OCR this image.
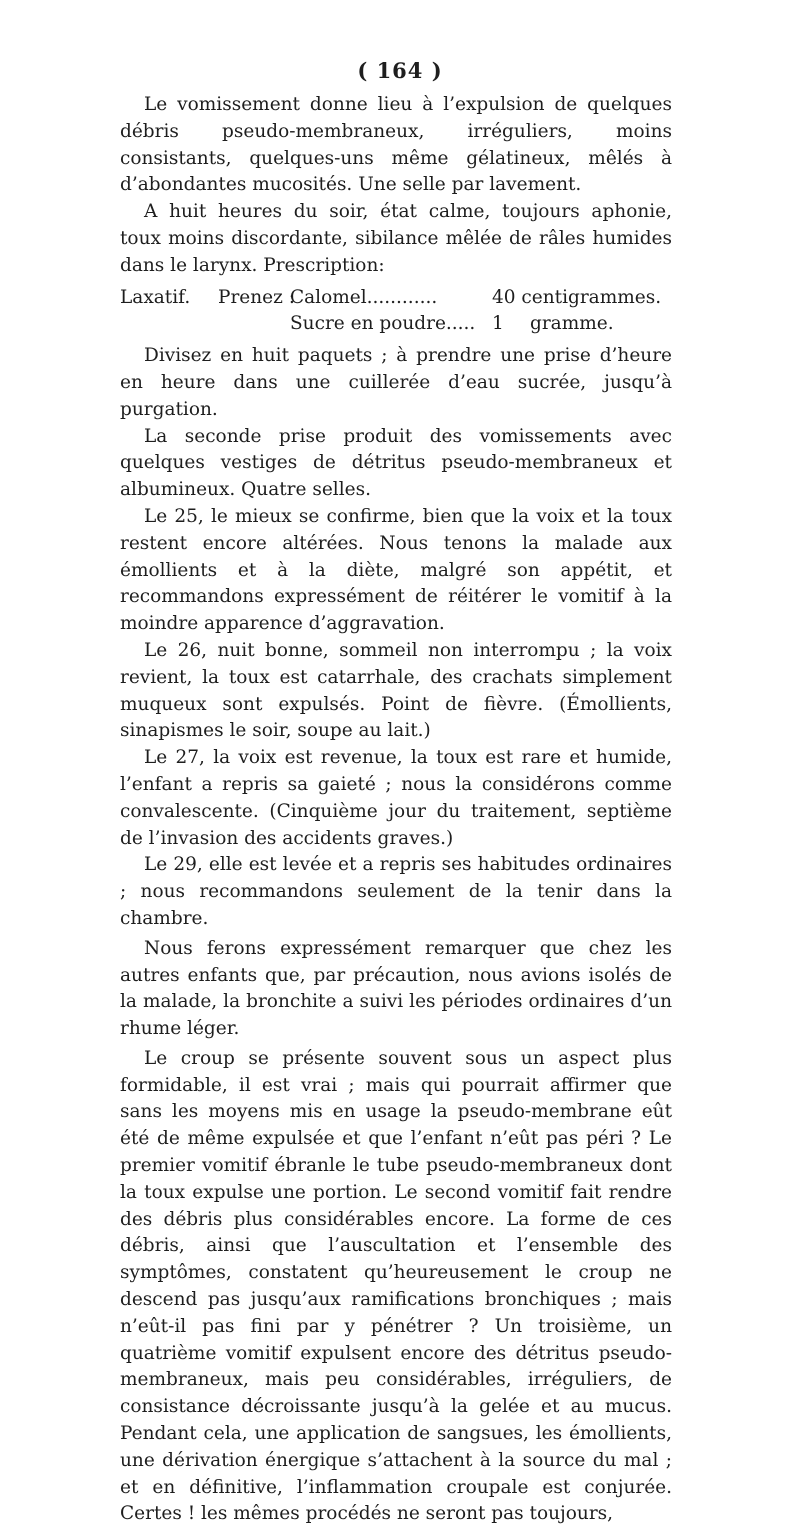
( 164 )

Le vomissement donne lieu à l’expulsion de quelques débris pseudo-membraneux, irréguliers, moins consistants, quelques-uns même gélatineux, mêlés à d’abondantes mucosités. Une selle par lavement.

A huit heures du soir, état calme, toujours aphonie, toux moins discordante, sibilance mêlée de râles humides dans le larynx. Prescription:

Laxatif.	Prenez :
Calomel............	40 centigrammes.
Sucre en poudre..... 1 gramme.

Divisez en huit paquets ; à prendre une prise d’heure en heure dans une cuillerée d’eau sucrée, jusqu’à purgation.

La seconde prise produit des vomissements avec quelques vestiges de détritus pseudo-membraneux et albumineux. Quatre selles.

Le 25, le mieux se confirme, bien que la voix et la toux restent encore altérées. Nous tenons la malade aux émollients et à la diète, malgré son appétit, et recommandons expressément de réitérer le vomitif à la moindre apparence d’aggravation.

Le 26, nuit bonne, sommeil non interrompu ; la voix revient, la toux est catarrhale, des crachats simplement muqueux sont expulsés. Point de fièvre. (Émollients, sinapismes le soir, soupe au lait.)

Le 27, la voix est revenue, la toux est rare et humide, l’enfant a repris sa gaieté ; nous la considérons comme convalescente. (Cinquième jour du traitement, septième de l’invasion des accidents graves.)

Le 29, elle est levée et a repris ses habitudes ordinaires ; nous recommandons seulement de la tenir dans la chambre.

Nous ferons expressément remarquer que chez les autres enfants que, par précaution, nous avions isolés de la malade, la bronchite a suivi les périodes ordinaires d’un rhume léger.

Le croup se présente souvent sous un aspect plus formidable, il est vrai ; mais qui pourrait affirmer que sans les moyens mis en usage la pseudo-membrane eût été de même expulsée et que l’enfant n’eût pas péri ? Le premier vomitif ébranle le tube pseudo-membraneux dont la toux expulse une portion. Le second vomitif fait rendre des débris plus considérables encore. La forme de ces débris, ainsi que l’auscultation et l’ensemble des symptômes, constatent qu’heureusement le croup ne descend pas jusqu’aux ramifications bronchiques ; mais n’eût-il pas fini par y pénétrer ? Un troisième, un quatrième vomitif expulsent encore des détritus pseudo-membraneux, mais peu considérables, irréguliers, de consistance décroissante jusqu’à la gelée et au mucus. Pendant cela, une application de sangsues, les émollients, une dérivation énergique s’attachent à la source du mal ; et en définitive, l’inflammation croupale est conjurée. Certes ! les mêmes procédés ne seront pas toujours,
